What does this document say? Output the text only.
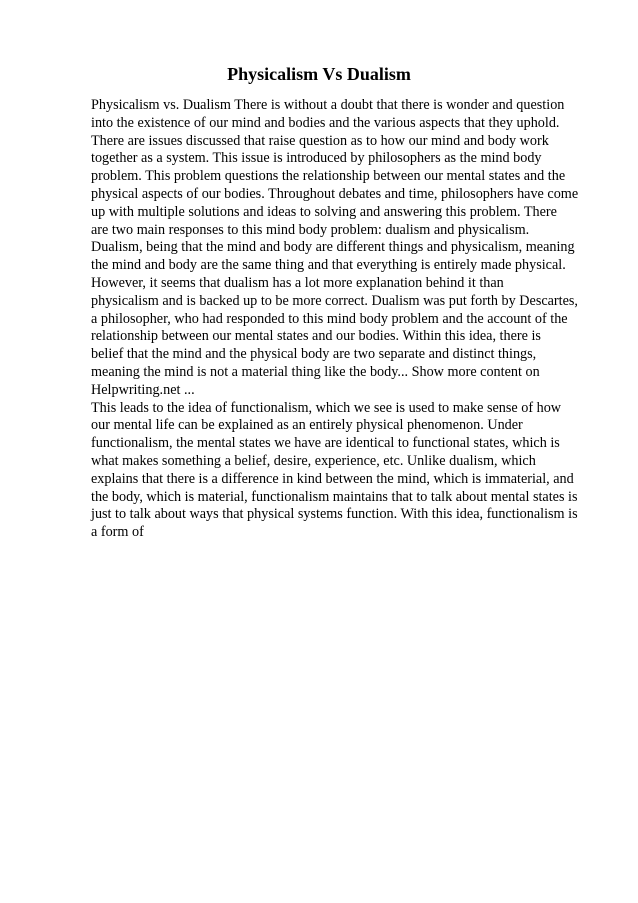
Physicalism Vs Dualism
Physicalism vs. Dualism There is without a doubt that there is wonder and question
into the existence of our mind and bodies and the various aspects that they uphold.
There are issues discussed that raise question as to how our mind and body work
together as a system. This issue is introduced by philosophers as the mind body
problem. This problem questions the relationship between our mental states and the
physical aspects of our bodies. Throughout debates and time, philosophers have come
up with multiple solutions and ideas to solving and answering this problem. There
are two main responses to this mind body problem: dualism and physicalism.
Dualism, being that the mind and body are different things and physicalism, meaning
the mind and body are the same thing and that everything is entirely made physical.
However, it seems that dualism has a lot more explanation behind it than
physicalism and is backed up to be more correct. Dualism was put forth by Descartes,
a philosopher, who had responded to this mind body problem and the account of the
relationship between our mental states and our bodies. Within this idea, there is
belief that the mind and the physical body are two separate and distinct things,
meaning the mind is not a material thing like the body... Show more content on
Helpwriting.net ...
This leads to the idea of functionalism, which we see is used to make sense of how
our mental life can be explained as an entirely physical phenomenon. Under
functionalism, the mental states we have are identical to functional states, which is
what makes something a belief, desire, experience, etc. Unlike dualism, which
explains that there is a difference in kind between the mind, which is immaterial, and
the body, which is material, functionalism maintains that to talk about mental states is
just to talk about ways that physical systems function. With this idea, functionalism is
a form of
